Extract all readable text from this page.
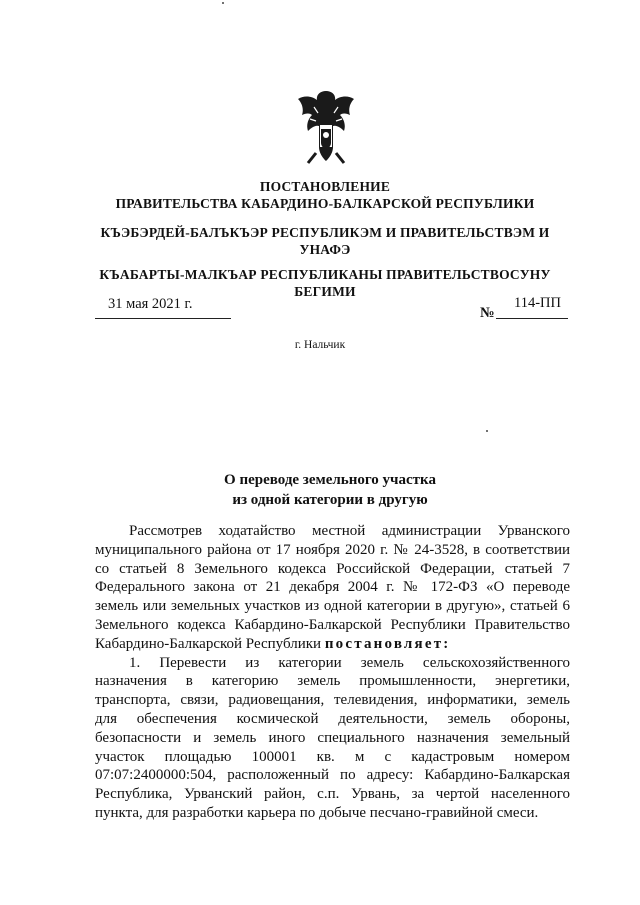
ПОСТАНОВЛЕНИЕ
ПРАВИТЕЛЬСТВА КАБАРДИНО-БАЛКАРСКОЙ РЕСПУБЛИКИ
КЪЭБЭРДЕЙ-БАЛЪКЪЭР РЕСПУБЛИКЭМ И ПРАВИТЕЛЬСТВЭМ И
УНАФЭ
КЪАБАРТЫ-МАЛКЪАР РЕСПУБЛИКАНЫ ПРАВИТЕЛЬСТВОСУНУ
БЕГИМИ
31 мая 2021 г.
№
114-ПП
г. Нальчик
О переводе земельного участка
из одной категории в другую
Рассмотрев ходатайство местной администрации Урванского
муниципального района от 17 ноября 2020 г. № 24-3528, в соответствии
со статьей 8 Земельного кодекса Российской Федерации, статьей 7
Федерального закона от 21 декабря 2004 г. № 172-ФЗ «О переводе
земель или земельных участков из одной категории в другую», статьей 6
Земельного кодекса Кабардино-Балкарской Республики Правительство
Кабардино-Балкарской Республики постановляет:
1. Перевести из категории земель сельскохозяйственного
назначения в категорию земель промышленности, энергетики,
транспорта, связи, радиовещания, телевидения, информатики, земель
для обеспечения космической деятельности, земель обороны,
безопасности и земель иного специального назначения земельный
участок площадью 100001 кв. м с кадастровым номером
07:07:2400000:504, расположенный по адресу: Кабардино-Балкарская
Республика, Урванский район, с.п. Урвань, за чертой населенного
пункта, для разработки карьера по добыче песчано-гравийной смеси.
